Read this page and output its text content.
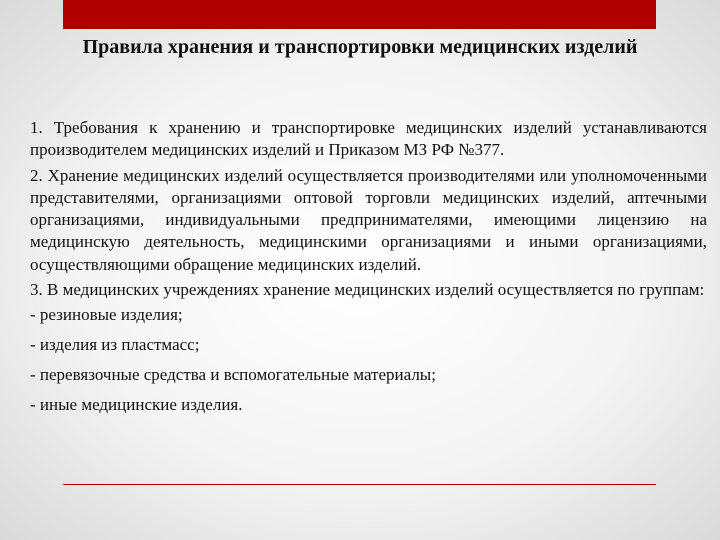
Правила хранения и транспортировки медицинских изделий

1. Требования к хранению и транспортировке медицинских изделий устанавливаются производителем медицинских изделий и Приказом МЗ РФ №377.

2. Хранение медицинских изделий осуществляется производителями или уполномоченными представителями, организациями оптовой торговли медицинских изделий, аптечными организациями, индивидуальными предпринимателями, имеющими лицензию на медицинскую деятельность, медицинскими организациями и иными организациями, осуществляющими обращение медицинских изделий.

3. В медицинских учреждениях хранение медицинских изделий осуществляется по группам:

- резиновые изделия;
- изделия из пластмасс;
- перевязочные средства и вспомогательные материалы;
- иные медицинские изделия.
